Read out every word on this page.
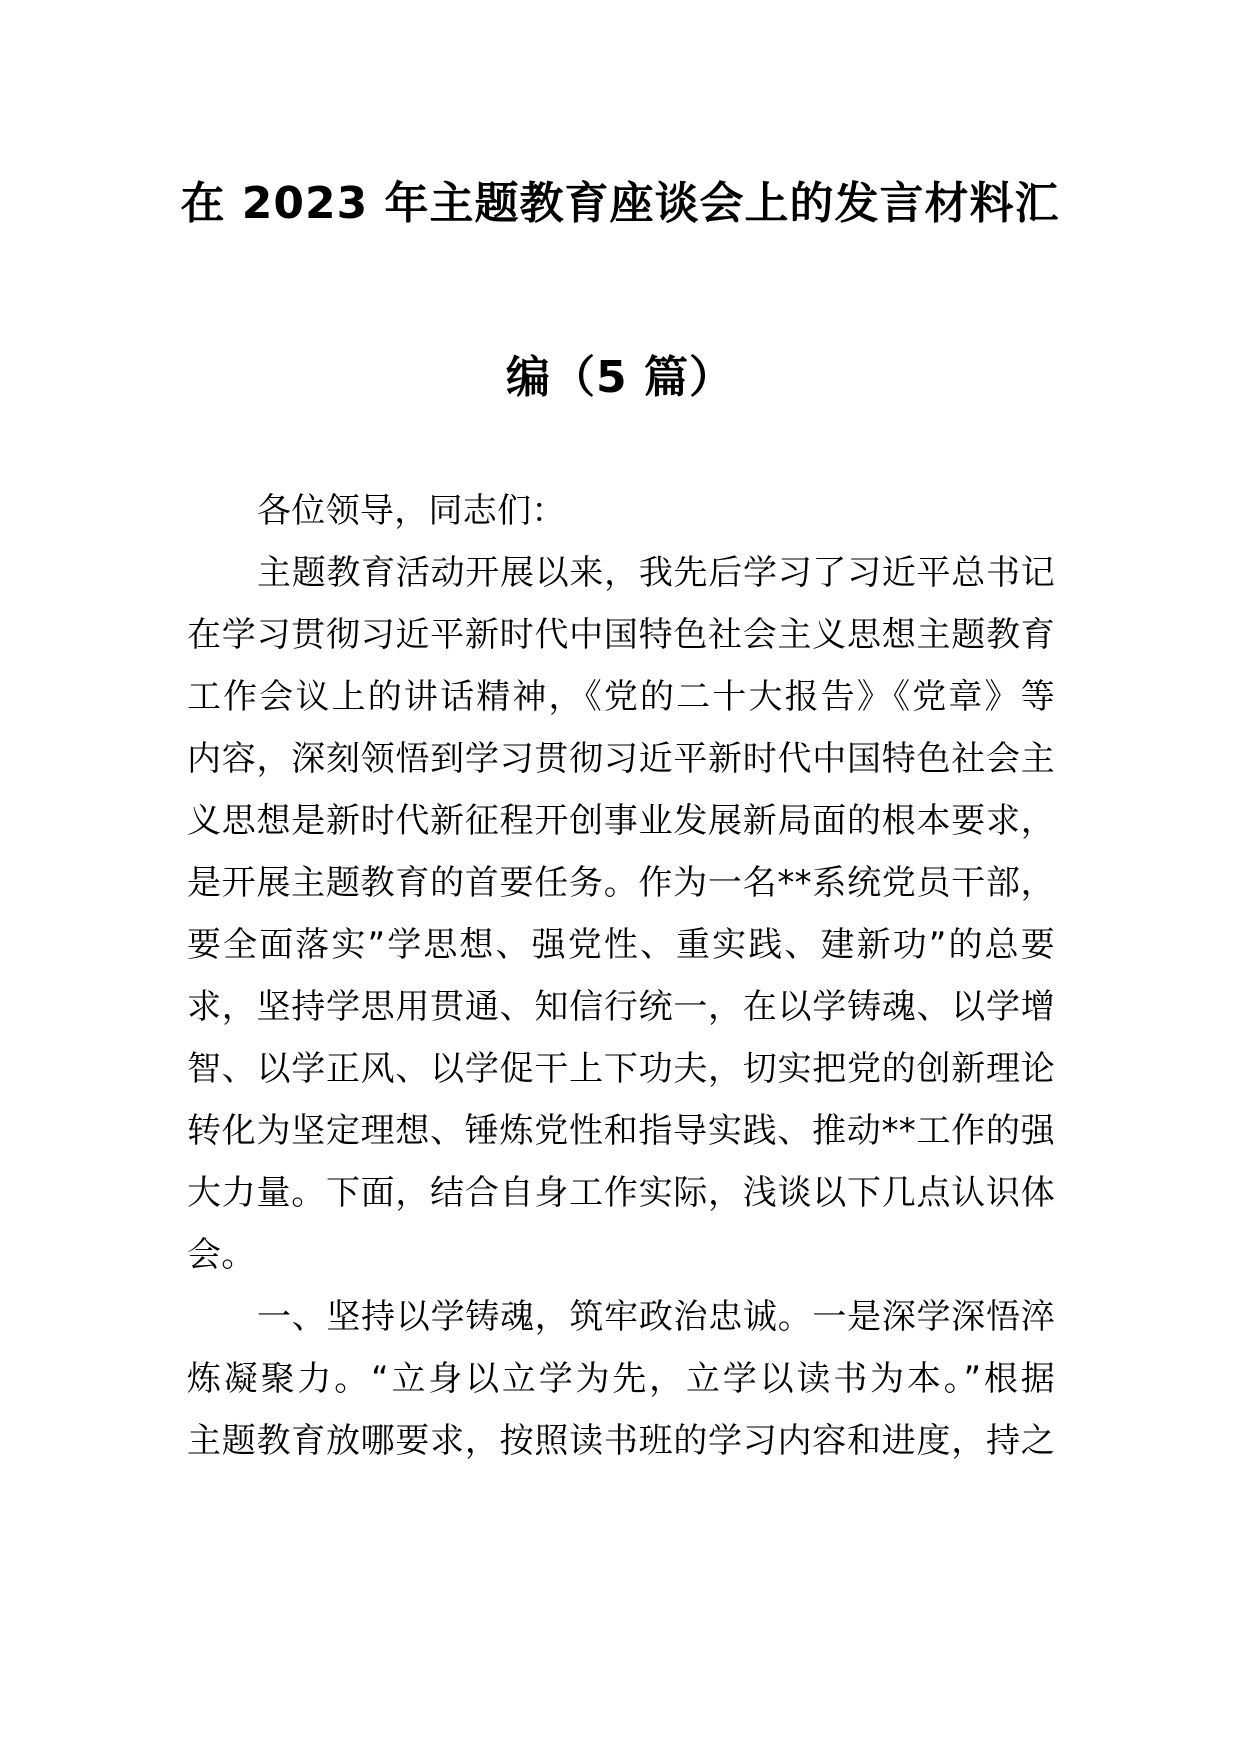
在 2023 年主题教育座谈会上的发言材料汇
编（5 篇）
各位领导，同志们：
主题教育活动开展以来，我先后学习了习近平总书记
在学习贯彻习近平新时代中国特色社会主义思想主题教育
工作会议上的讲话精神，《党的二十大报告》《党章》等
内容，深刻领悟到学习贯彻习近平新时代中国特色社会主
义思想是新时代新征程开创事业发展新局面的根本要求，
是开展主题教育的首要任务。作为一名**系统党员干部，
要全面落实”学思想、强党性、重实践、建新功”的总要
求，坚持学思用贯通、知信行统一，在以学铸魂、以学增
智、以学正风、以学促干上下功夫，切实把党的创新理论
转化为坚定理想、锤炼党性和指导实践、推动**工作的强
大力量。下面，结合自身工作实际，浅谈以下几点认识体
会。
一、坚持以学铸魂，筑牢政治忠诚。一是深学深悟淬
炼凝聚力。“立身以立学为先，立学以读书为本。”根据
主题教育放哪要求，按照读书班的学习内容和进度，持之
